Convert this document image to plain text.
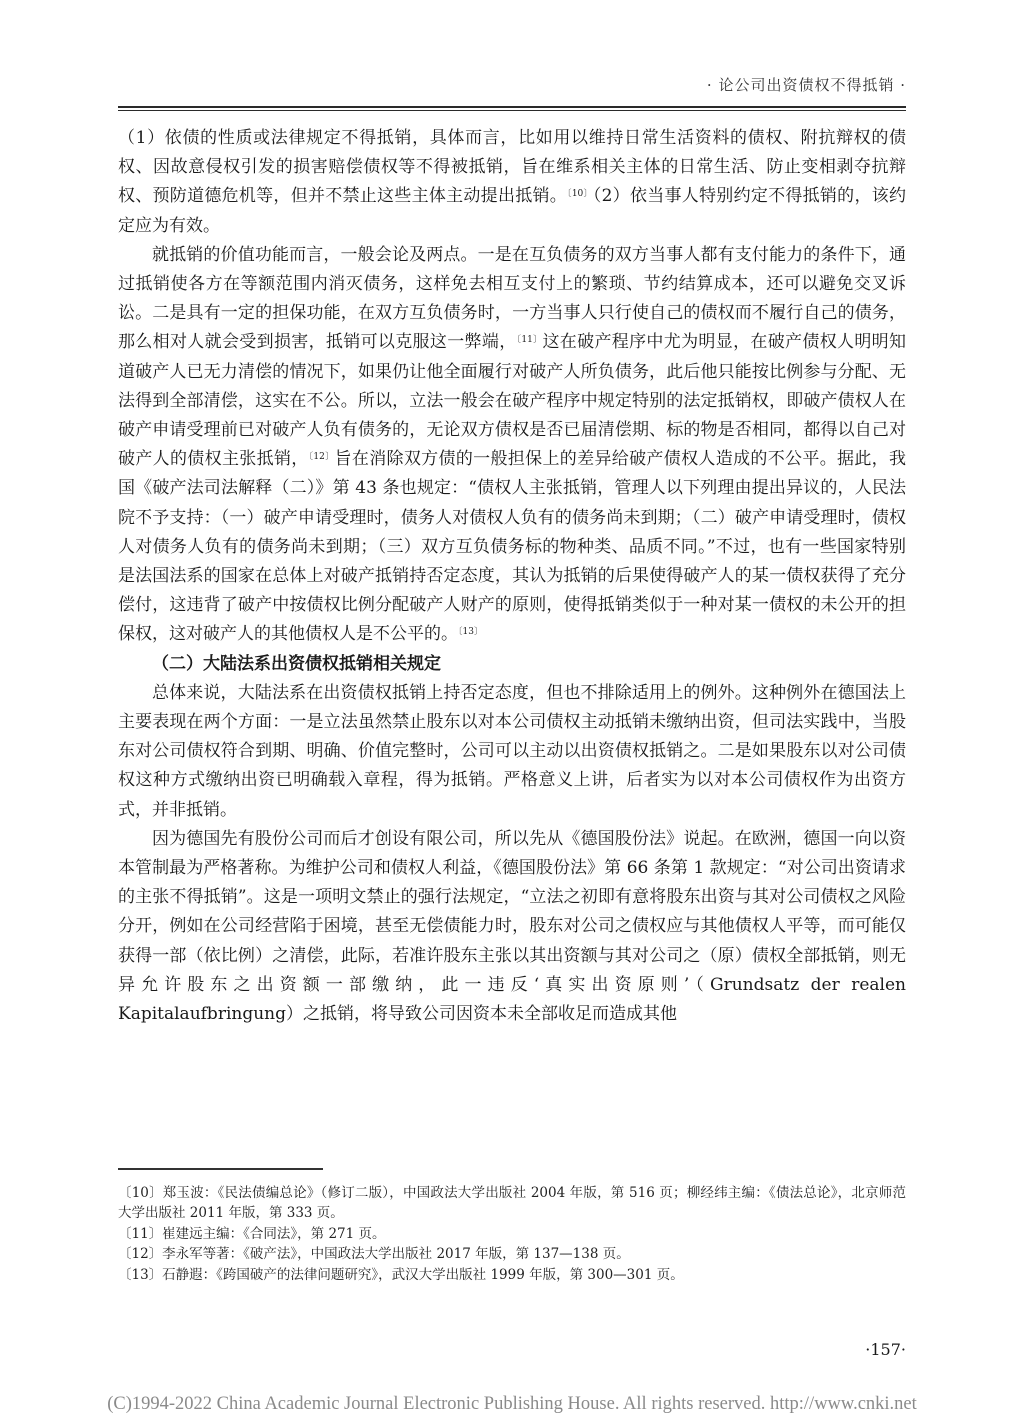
· 论公司出资债权不得抵销 ·

（1）依债的性质或法律规定不得抵销，具体而言，比如用以维持日常生活资料的债权、附抗辩权的债权、因故意侵权引发的损害赔偿债权等不得被抵销，旨在维系相关主体的日常生活、防止变相剥夺抗辩权、预防道德危机等，但并不禁止这些主体主动提出抵销。$^{〔10〕}$（2）依当事人特别约定不得抵销的，该约定应为有效。

就抵销的价值功能而言，一般会论及两点。一是在互负债务的双方当事人都有支付能力的条件下，通过抵销使各方在等额范围内消灭债务，这样免去相互支付上的繁琐、节约结算成本，还可以避免交叉诉讼。二是具有一定的担保功能，在双方互负债务时，一方当事人只行使自己的债权而不履行自己的债务，那么相对人就会受到损害，抵销可以克服这一弊端，$^{〔11〕}$这在破产程序中尤为明显，在破产债权人明明知道破产人已无力清偿的情况下，如果仍让他全面履行对破产人所负债务，此后他只能按比例参与分配、无法得到全部清偿，这实在不公。所以，立法一般会在破产程序中规定特别的法定抵销权，即破产债权人在破产申请受理前已对破产人负有债务的，无论双方债权是否已届清偿期、标的物是否相同，都得以自己对破产人的债权主张抵销，$^{〔12〕}$旨在消除双方债的一般担保上的差异给破产债权人造成的不公平。据此，我国《破产法司法解释（二）》第 43 条也规定：“债权人主张抵销，管理人以下列理由提出异议的，人民法院不予支持：（一）破产申请受理时，债务人对债权人负有的债务尚未到期；（二）破产申请受理时，债权人对债务人负有的债务尚未到期；（三）双方互负债务标的物种类、品质不同。”不过，也有一些国家特别是法国法系的国家在总体上对破产抵销持否定态度，其认为抵销的后果使得破产人的某一债权获得了充分偿付，这违背了破产中按债权比例分配破产人财产的原则，使得抵销类似于一种对某一债权的未公开的担保权，这对破产人的其他债权人是不公平的。$^{〔13〕}$

（二）大陆法系出资债权抵销相关规定

总体来说，大陆法系在出资债权抵销上持否定态度，但也不排除适用上的例外。这种例外在德国法上主要表现在两个方面：一是立法虽然禁止股东以对本公司债权主动抵销未缴纳出资，但司法实践中，当股东对公司债权符合到期、明确、价值完整时，公司可以主动以出资债权抵销之。二是如果股东以对公司债权这种方式缴纳出资已明确载入章程，得为抵销。严格意义上讲，后者实为以对本公司债权作为出资方式，并非抵销。

因为德国先有股份公司而后才创设有限公司，所以先从《德国股份法》说起。在欧洲，德国一向以资本管制最为严格著称。为维护公司和债权人利益，《德国股份法》第 66 条第 1 款规定：“对公司出资请求的主张不得抵销”。这是一项明文禁止的强行法规定，“立法之初即有意将股东出资与其对公司债权之风险分开，例如在公司经营陷于困境，甚至无偿债能力时，股东对公司之债权应与其他债权人平等，而可能仅获得一部（依比例）之清偿，此际，若准许股东主张以其出资额与其对公司之（原）债权全部抵销，则无异允许股东之出资额一部缴纳，此一违反‘真实出资原则’（Grundsatz der realen Kapitalaufbringung）之抵销，将导致公司因资本未全部收足而造成其他

〔10〕郑玉波：《民法债编总论》（修订二版），中国政法大学出版社 2004 年版，第 516 页；柳经纬主编：《债法总论》，北京师范大学出版社 2011 年版，第 333 页。
〔11〕崔建远主编：《合同法》，第 271 页。
〔12〕李永军等著：《破产法》，中国政法大学出版社 2017 年版，第 137—138 页。
〔13〕石静遐：《跨国破产的法律问题研究》，武汉大学出版社 1999 年版，第 300—301 页。
·157·
(C)1994-2022 China Academic Journal Electronic Publishing House. All rights reserved. http://www.cnki.net
